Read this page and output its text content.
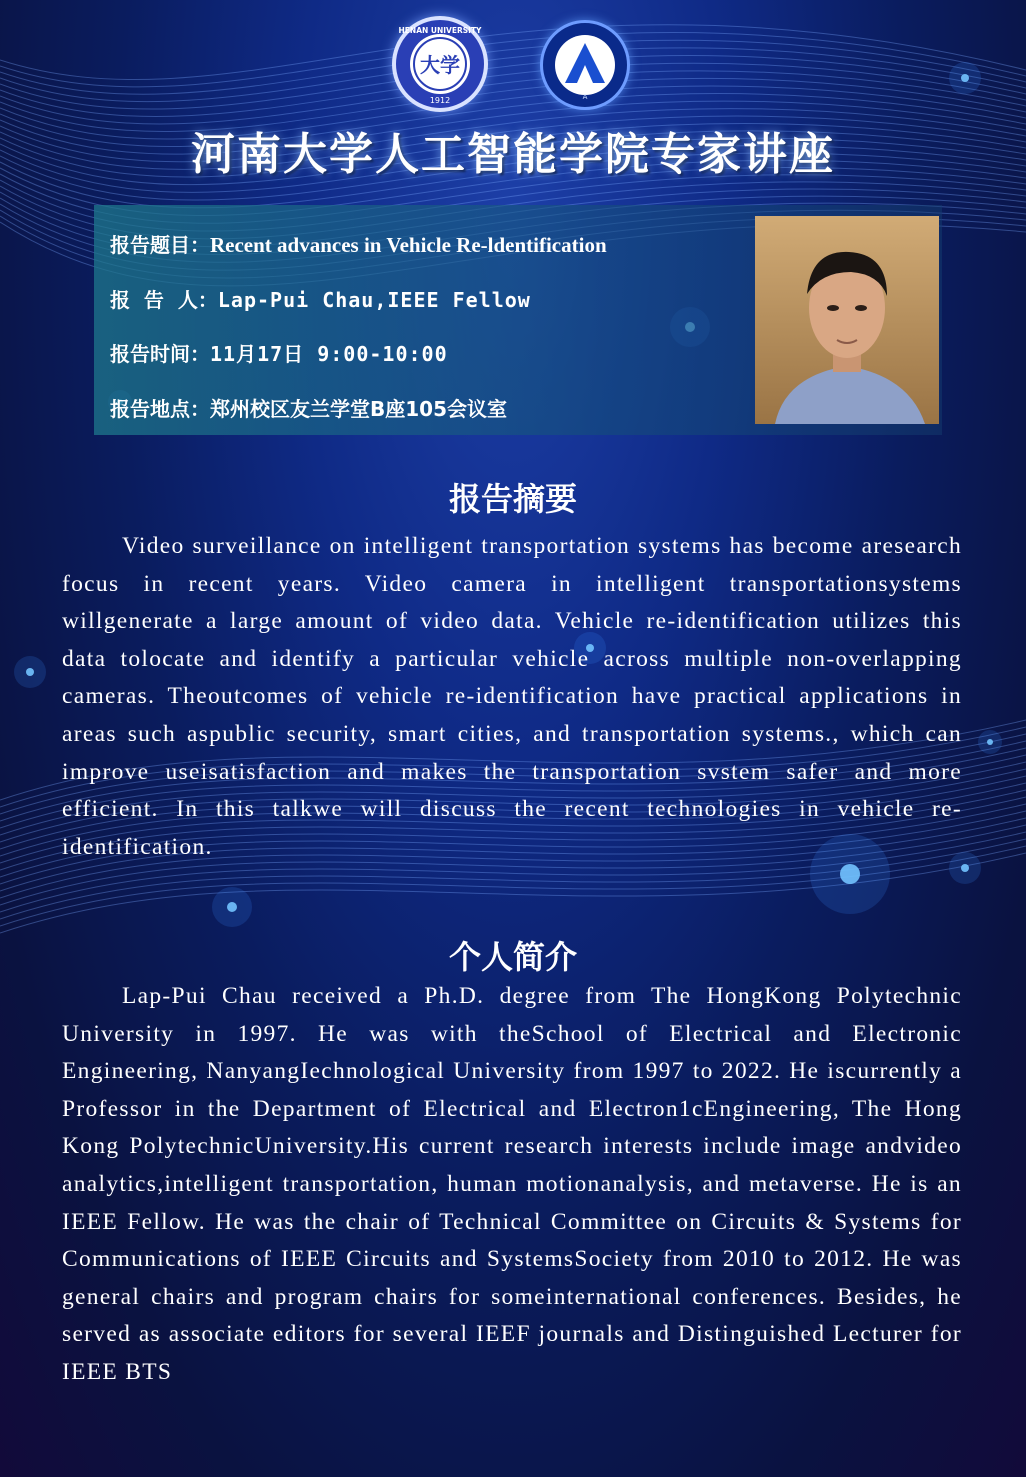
大学
HENAN UNIVERSITY
1912	A
河南大学人工智能学院专家讲座
报告题目：Recent advances in Vehicle Re-ldentification
报  告  人：Lap-Pui Chau,IEEE Fellow
报告时间：11月17日 9:00-10:00
报告地点：郑州校区友兰学堂B座105会议室
报告摘要
Video surveillance on intelligent transportation systems has become aresearch focus in recent years. Video camera in intelligent transportationsystems willgenerate a large amount of video data. Vehicle re-identification utilizes this data tolocate and identify a particular vehicle across multiple non-overlapping cameras. Theoutcomes of vehicle re-identification have practical applications in areas such aspublic security, smart cities, and transportation systems., which can improve useisatisfaction and makes the transportation svstem safer and more efficient. In this talkwe will discuss the recent technologies in vehicle re-identification.
个人简介
Lap-Pui Chau received a Ph.D. degree from The HongKong Polytechnic University in 1997. He was with theSchool of Electrical and Electronic Engineering, NanyangIechnological University from 1997 to 2022. He iscurrently a Professor in the Department of Electrical and Electron1cEngineering, The Hong Kong PolytechnicUniversity.His current research interests include image andvideo analytics,intelligent transportation, human motionanalysis, and metaverse. He is an IEEE Fellow. He was the chair of Technical Committee on Circuits & Systems for Communications of IEEE Circuits and SystemsSociety from 2010 to 2012. He was general chairs and program chairs for someinternational conferences. Besides, he served as associate editors for several IEEF journals and Distinguished Lecturer for IEEE BTS
